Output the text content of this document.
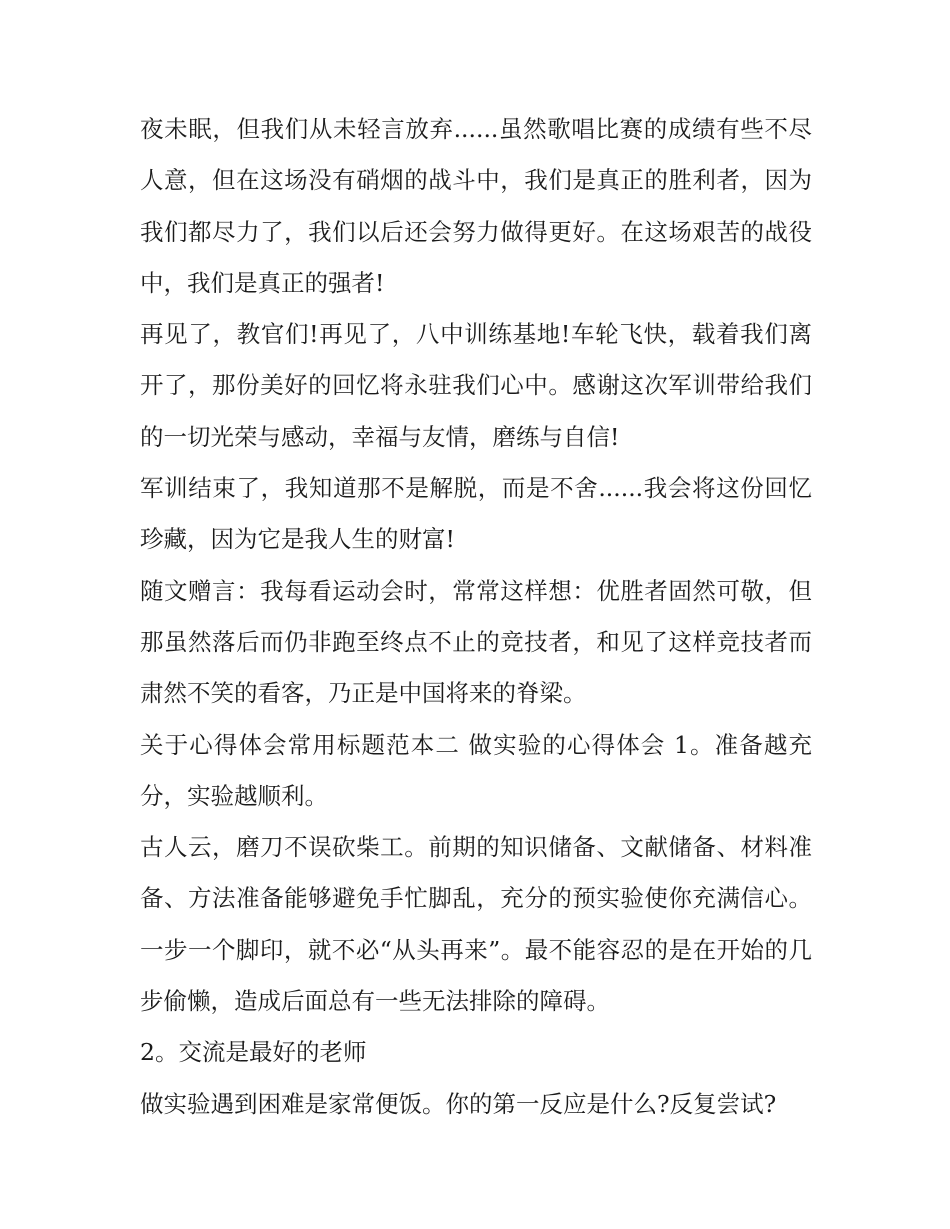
夜未眠，但我们从未轻言放弃......虽然歌唱比赛的成绩有些不尽人意，但在这场没有硝烟的战斗中，我们是真正的胜利者，因为我们都尽力了，我们以后还会努力做得更好。在这场艰苦的战役中，我们是真正的强者!

再见了，教官们!再见了，八中训练基地!车轮飞快，载着我们离开了，那份美好的回忆将永驻我们心中。感谢这次军训带给我们的一切光荣与感动，幸福与友情，磨练与自信!

军训结束了，我知道那不是解脱，而是不舍......我会将这份回忆珍藏，因为它是我人生的财富!

随文赠言：我每看运动会时，常常这样想：优胜者固然可敬，但那虽然落后而仍非跑至终点不止的竞技者，和见了这样竞技者而肃然不笑的看客，乃正是中国将来的脊梁。

关于心得体会常用标题范本二 做实验的心得体会 1。准备越充分，实验越顺利。

古人云，磨刀不误砍柴工。前期的知识储备、文献储备、材料准备、方法准备能够避免手忙脚乱，充分的预实验使你充满信心。一步一个脚印，就不必“从头再来”。最不能容忍的是在开始的几步偷懒，造成后面总有一些无法排除的障碍。

2。交流是最好的老师

做实验遇到困难是家常便饭。你的第一反应是什么?反复尝试?
